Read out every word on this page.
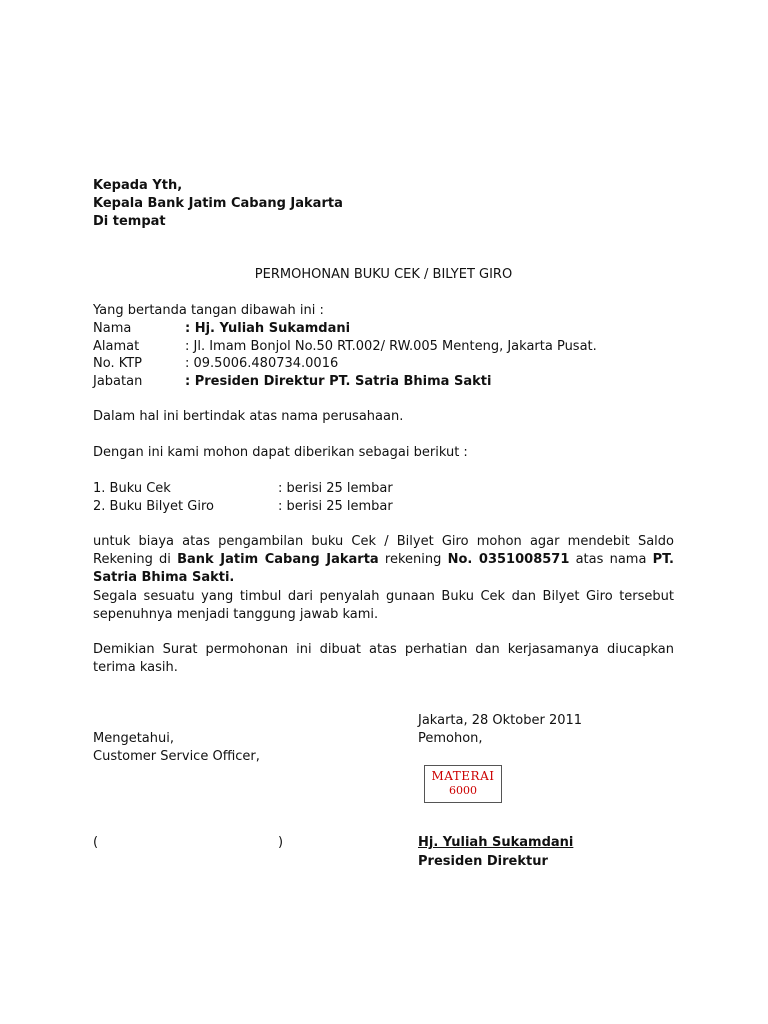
Kepada Yth,
Kepala Bank Jatim Cabang Jakarta
Di tempat
PERMOHONAN BUKU CEK / BILYET GIRO
Yang bertanda tangan dibawah ini :
Nama	: Hj. Yuliah Sukamdani
Alamat	: Jl. Imam Bonjol No.50 RT.002/ RW.005 Menteng, Jakarta Pusat.
No. KTP	: 09.5006.480734.0016
Jabatan	: Presiden Direktur PT. Satria Bhima Sakti
Dalam hal ini bertindak atas nama perusahaan.
Dengan ini kami mohon dapat diberikan sebagai berikut :
1. Buku Cek	: berisi 25 lembar
2. Buku Bilyet Giro	: berisi 25 lembar
untuk biaya atas pengambilan buku Cek / Bilyet Giro mohon agar mendebit Saldo Rekening di Bank Jatim Cabang Jakarta rekening No. 0351008571 atas nama PT. Satria Bhima Sakti.
Segala sesuatu yang timbul dari penyalah gunaan Buku Cek dan Bilyet Giro tersebut sepenuhnya menjadi tanggung jawab kami.
Demikian Surat permohonan ini dibuat atas perhatian dan kerjasamanya diucapkan terima kasih.
Jakarta, 28 Oktober 2011
Mengetahui,
Customer Service Officer,
(	)
Pemohon,
MATERAI
6000
Hj. Yuliah Sukamdani
Presiden Direktur
